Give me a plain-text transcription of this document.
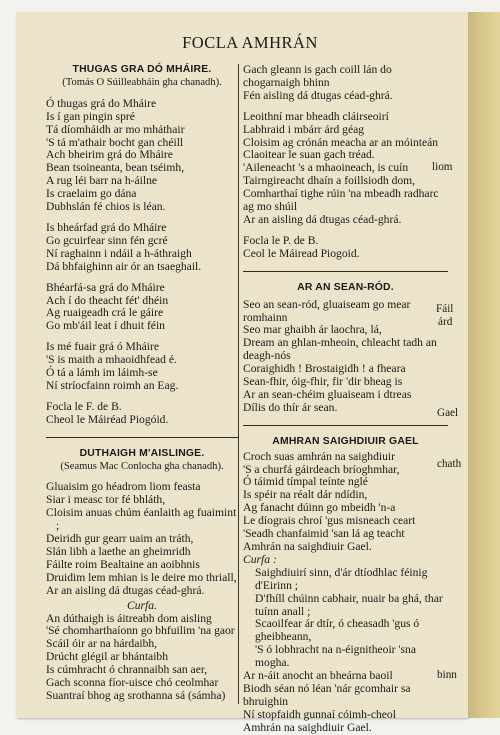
FOCLA AMHRÁN
THUGAS GRA DÓ MHÁIRE.
(Tomás O Súilleabháin gha chanadh).
Ó thugas grá do Mháire
Is í gan pingin spré
Tá díomháidh ar mo mháthair
'S tá m'athair bocht gan chéill
Ach bheirim grá do Mháire
Bean tsoineanta, bean tséimh,
A rug léi barr na h-áilne
Is craelaim go dána
Dubhslán fé chios is léan.
Is bheárfad grá do Mháire
Go gcuirfear sinn fén gcré
Ní raghainn i ndáil a h-áthraigh
Dá bhfaighinn air ór an tsaeghail.
Bhéarfá-sa grá do Mháire
Ach í do theacht fét' dhéin
Ag ruaigeadh crá le gáire
Go mb'áil leat í dhuit féin
Is mé fuair grá ó Mháire
'S is maith a mhaoidhfead é.
Ó tá a lámh im láimh-se
Ní stríocfainn roimh an Eag.
Focla le F. de B.
Cheol le Máiréad Piogóid.
DUTHAIGH M'AISLINGE.
(Seamus Mac Conlocha gha chanadh).
Gluaisim go héadrom liom feasta
Siar i measc tor fé bhláth,
Cloisim anuas chúm éanlaith ag fuaimint ;
Deiridh gur gearr uaim an tráth,
Slán libh a laethe an gheimridh
Fáilte roim Bealtaine an aoibhnis
Druidim lem mhian is le deire mo thriall,
Ar an aisling dá dtugas céad-ghrá.
Curfa.
An dúthaigh is áitreabh dom aisling
'Sé chomharthaíonn go bhfuilim 'na gaor
Scáil óir ar na hárdaibh,
Drúcht glégil ar bhántaibh
Is cúmhracht ó chrannaibh san aer,
Gach sconna fíor-uisce chó ceolmhar
Suantraí bhog ag srothanna sá (sámha)
Gach gleann is gach coill lán do chogarnaigh bhinn
Fén aisling dá dtugas céad-ghrá.
Leoithní mar bheadh cláirseoirí
Labhraid i mbárr árd géag
Cloisim ag crónán meacha ar an móinteán
Claoitear le suan gach tréad.
'Aileneacht 's a mhaoineach, is cuín
Tairngireacht dhaín a foillsiodh dom,
Comharthaí tighe rúin 'na mbeadh radharc ag mo shúil
Ar an aisling dá dtugas céad-ghrá.
Focla le P. de B.
Ceol le Máiread Piogoid.
AR AN SEAN-RÓD.
Seo an sean-ród, gluaiseam go mear romhainn
Seo mar ghaibh ár laochra, lá,
Dream an ghlan-mheoin, chleacht tadh an deagh-nós
Coraighidh ! Brostaigidh ! a fheara
Sean-fhir, óig-fhir, fir 'dir bheag is
Ar an sean-chéim gluaiseam i dtreas
Dílis do thír ár sean.
AMHRAN SAIGHDIUIR GAEL
Croch suas amhrán na saighdiuir
'S a churfá gáirdeach bríoghmhar,
Ó táimid tímpal teínte nglé
Is spéir na réalt dár ndídin,
Ag fanacht dúinn go mbeidh 'n-a
Le díograis chroí 'gus misneach ceart
'Seadh chanfaimid 'san lá ag teacht
Amhrán na saighdiuir Gael.
Curfa :
Saighdiuirí sinn, d'ár dtíodhlac féinig d'Eirinn ;
D'fhíll chúinn cabhair, nuair ba ghá, thar tuínn anall ;
Scaoilfear ár dtír, ó cheasadh 'gus ó gheibheann,
'S ó lobhracht na n-éignitheoir 'sna mogha.
Ar n-áit anocht an bheárna baoil
Biodh séan nó léan 'nár gcomhair sa bhruighin
Ní stopfaidh gunnaí cóimh-cheol
Amhrán na saighdiuir Gael.
liom
Fáil
árd
Gael
chath
binn
